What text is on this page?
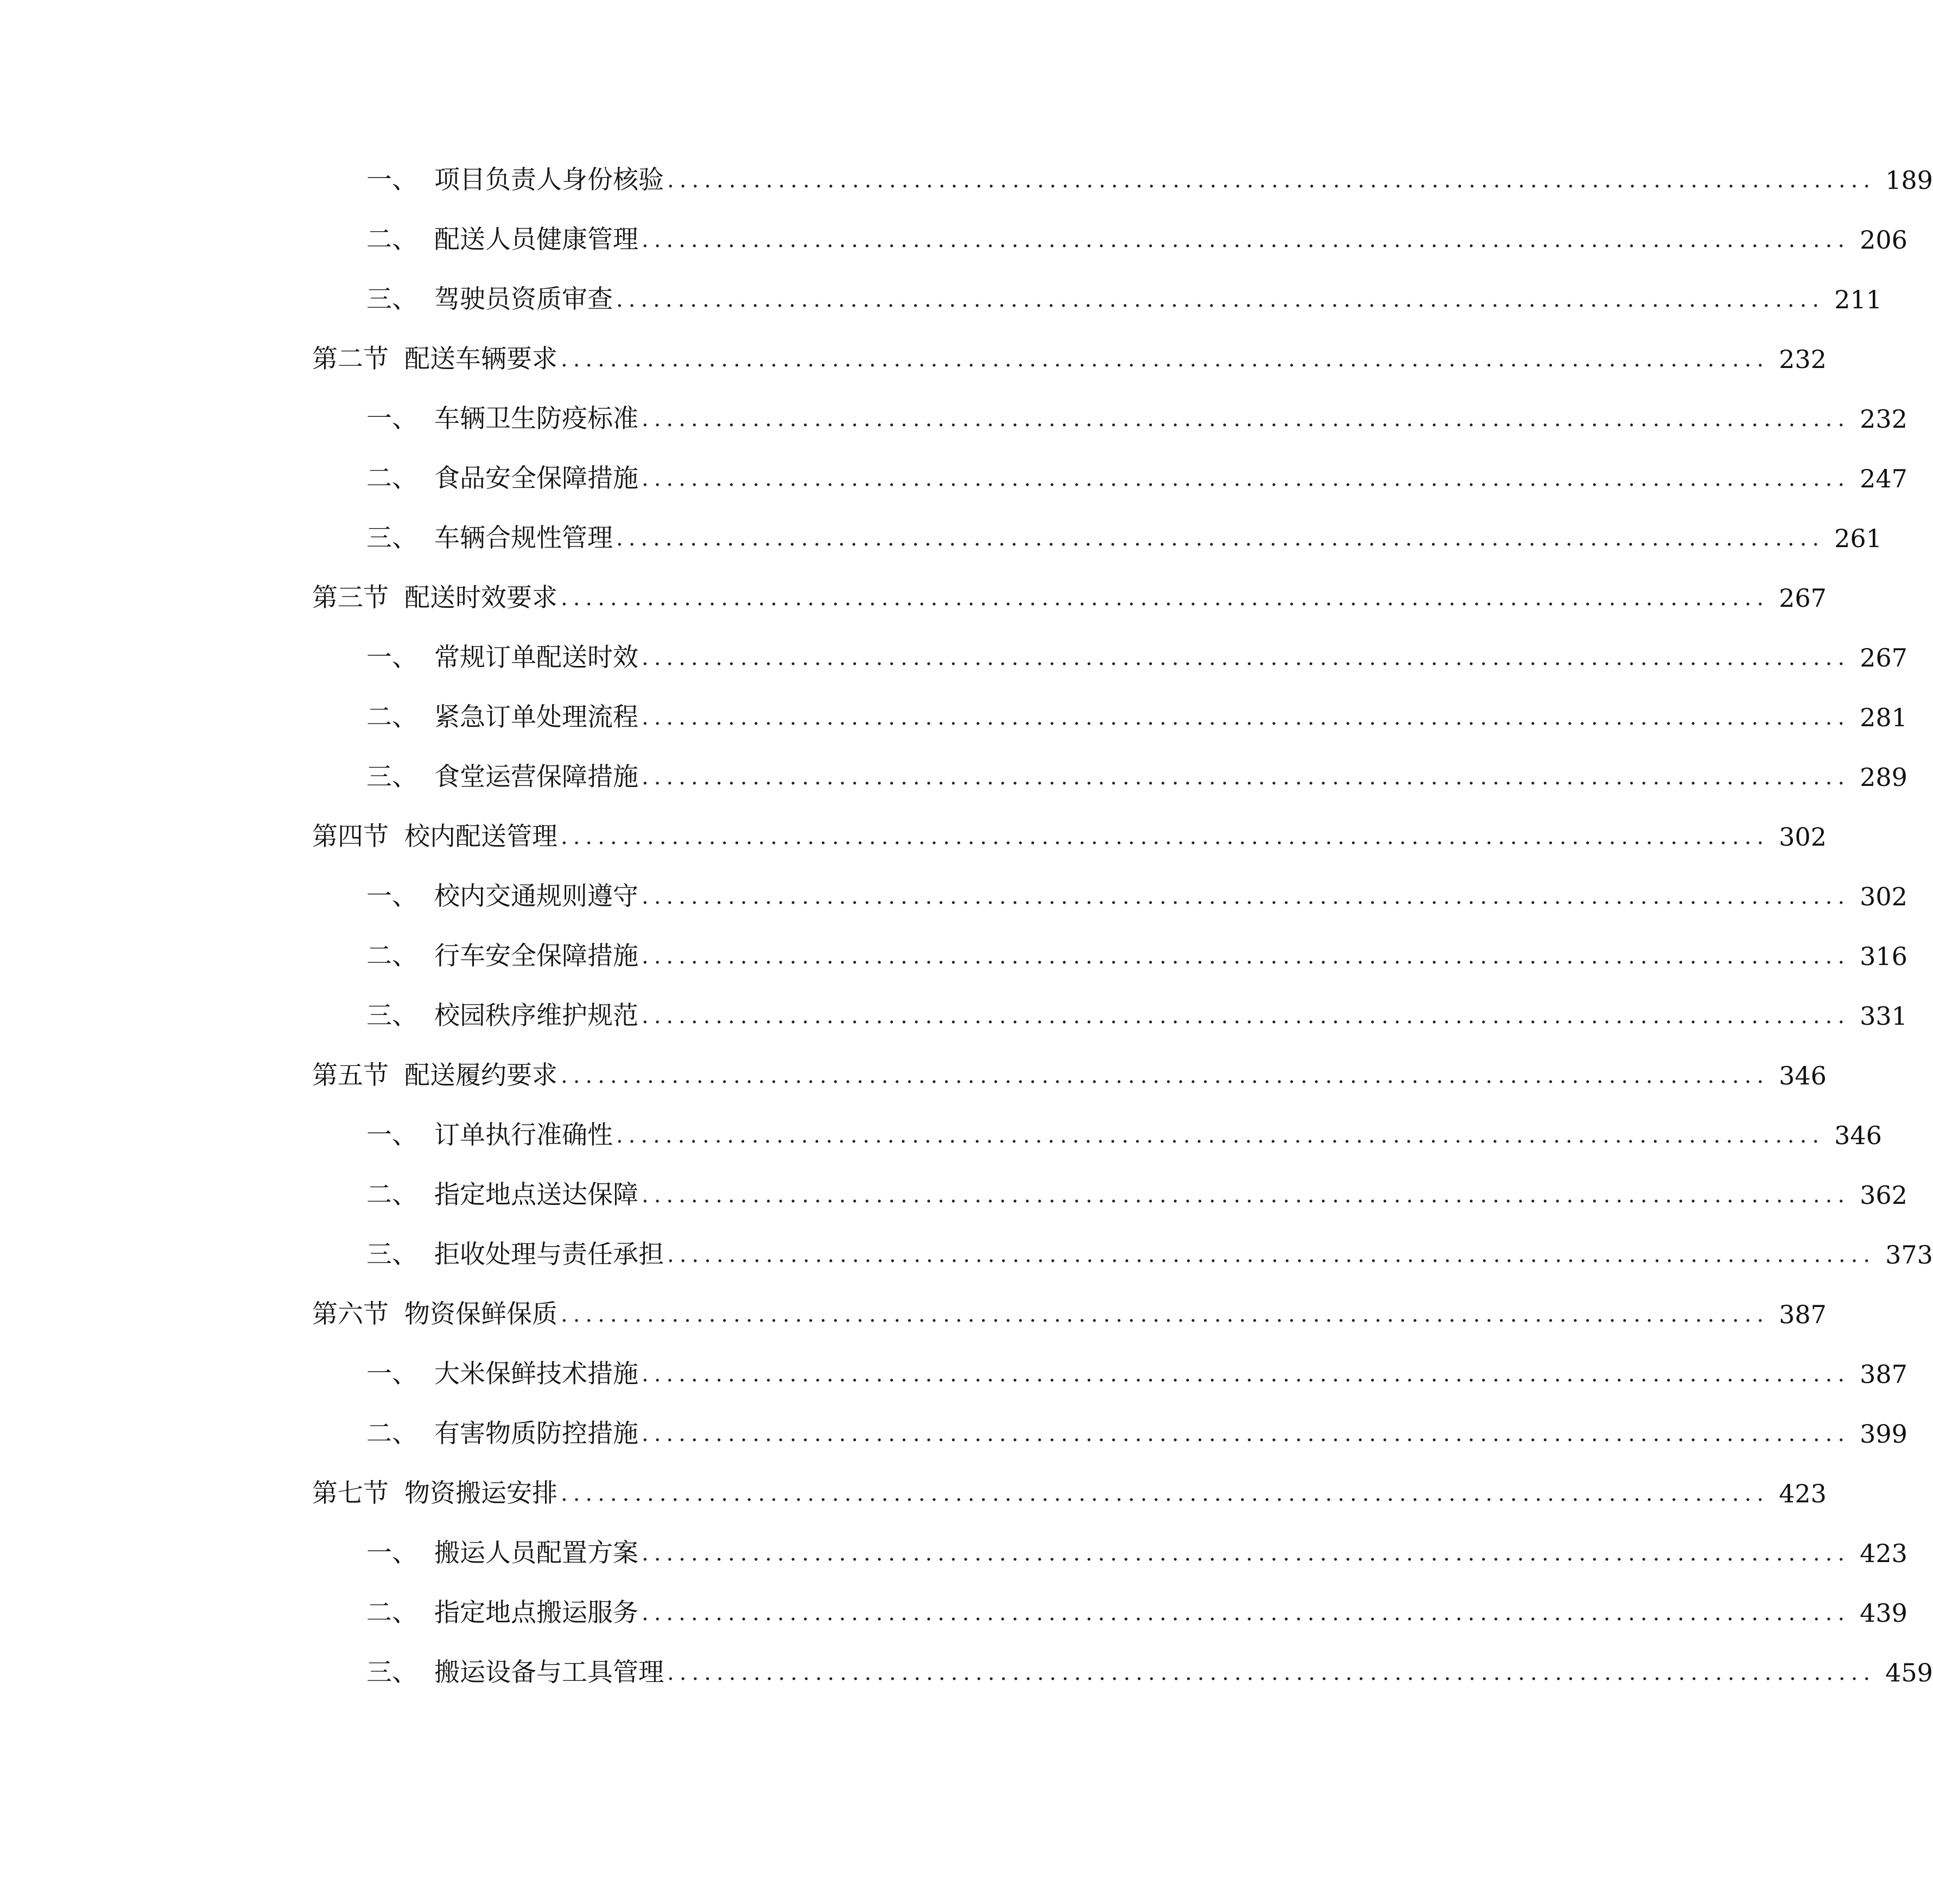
一、 项目负责人身份核验 .................................................................................................. 189
二、 配送人员健康管理 .................................................................................................. 206
三、 驾驶员资质审查 .................................................................................................. 211
第二节 配送车辆要求 .................................................................................................. 232
一、 车辆卫生防疫标准 .................................................................................................. 232
二、 食品安全保障措施 .................................................................................................. 247
三、 车辆合规性管理 .................................................................................................. 261
第三节 配送时效要求 .................................................................................................. 267
一、 常规订单配送时效 .................................................................................................. 267
二、 紧急订单处理流程 .................................................................................................. 281
三、 食堂运营保障措施 .................................................................................................. 289
第四节 校内配送管理 .................................................................................................. 302
一、 校内交通规则遵守 .................................................................................................. 302
二、 行车安全保障措施 .................................................................................................. 316
三、 校园秩序维护规范 .................................................................................................. 331
第五节 配送履约要求 .................................................................................................. 346
一、 订单执行准确性 .................................................................................................. 346
二、 指定地点送达保障 .................................................................................................. 362
三、 拒收处理与责任承担 .................................................................................................. 373
第六节 物资保鲜保质 .................................................................................................. 387
一、 大米保鲜技术措施 .................................................................................................. 387
二、 有害物质防控措施 .................................................................................................. 399
第七节 物资搬运安排 .................................................................................................. 423
一、 搬运人员配置方案 .................................................................................................. 423
二、 指定地点搬运服务 .................................................................................................. 439
三、 搬运设备与工具管理 .................................................................................................. 459
